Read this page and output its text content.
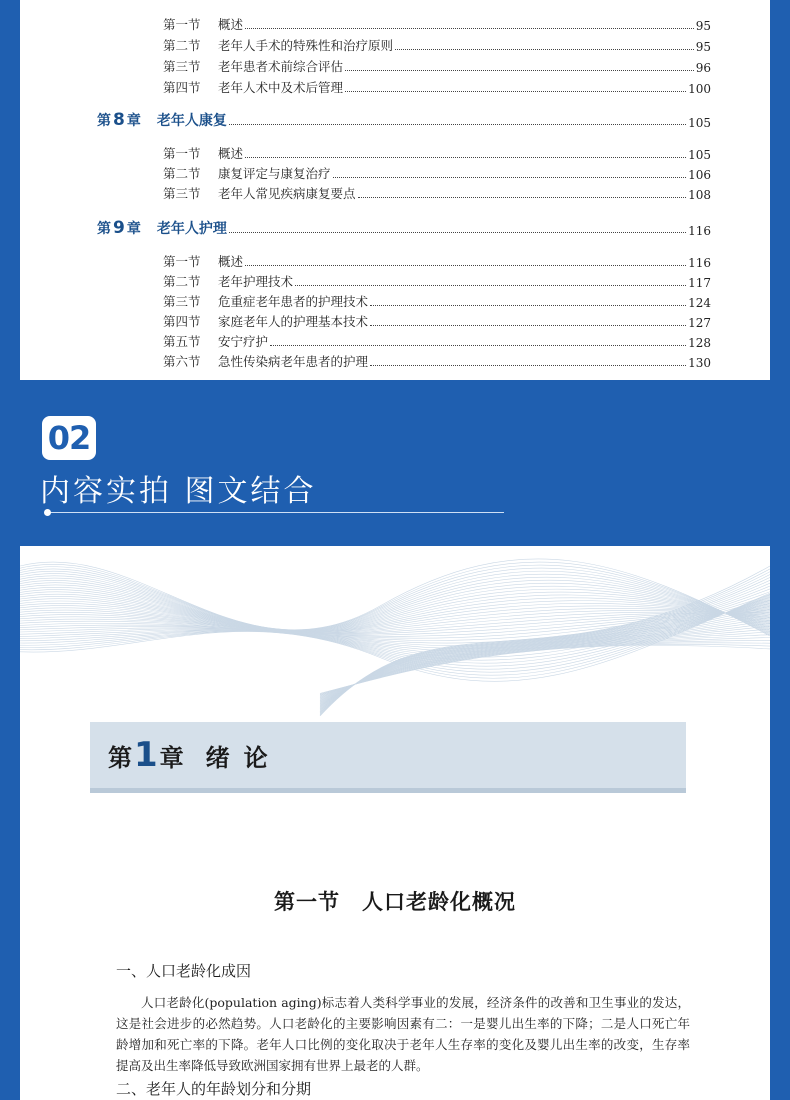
第一节	概述	95
第二节	老年人手术的特殊性和治疗原则	95
第三节	老年患者术前综合评估	96
第四节	老年人术中及术后管理	100
第 8 章 老年人康复	105
第一节	概述	105
第二节	康复评定与康复治疗	106
第三节	老年人常见疾病康复要点	108
第 9 章 老年人护理	116
第一节	概述	116
第二节	老年护理技术	117
第三节	危重症老年患者的护理技术	124
第四节	家庭老年人的护理基本技术	127
第五节	安宁疗护	128
第六节	急性传染病老年患者的护理	130
02
内容实拍 图文结合
第 1 章 绪论
第一节　人口老龄化概况
一、人口老龄化成因

人口老龄化(population aging)标志着人类科学事业的发展，经济条件的改善和卫生事业的发达，这是社会进步的必然趋势。人口老龄化的主要影响因素有二：一是婴儿出生率的下降；二是人口死亡年龄增加和死亡率的下降。老年人口比例的变化取决于老年人生存率的变化及婴儿出生率的改变，生存率提高及出生率降低导致欧洲国家拥有世界上最老的人群。

二、老年人的年龄划分和分期
